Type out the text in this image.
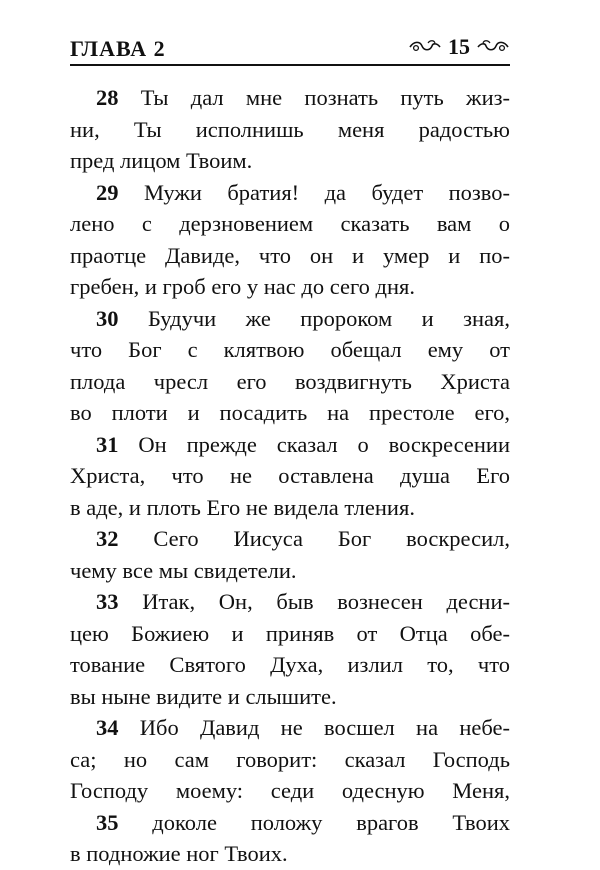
ГЛАВА 2	15
28 Ты дал мне познать путь жиз-
ни, Ты исполнишь меня радостью
пред лицом Твоим.
29 Мужи братия! да будет позво-
лено с дерзновением сказать вам о
праотце Давиде, что он и умер и по-
гребен, и гроб его у нас до сего дня.
30 Будучи же пророком и зная,
что Бог с клятвою обещал ему от
плода чресл его воздвигнуть Христа
во плоти и посадить на престоле его,
31 Он прежде сказал о воскресении
Христа, что не оставлена душа Его
в аде, и плоть Его не видела тления.
32 Сего Иисуса Бог воскресил,
чему все мы свидетели.
33 Итак, Он, быв вознесен десни-
цею Божиею и приняв от Отца обе-
тование Святого Духа, излил то, что
вы ныне видите и слышите.
34 Ибо Давид не восшел на небе-
са; но сам говорит: сказал Господь
Господу моему: седи одесную Меня,
35 доколе положу врагов Твоих
в подножие ног Твоих.
